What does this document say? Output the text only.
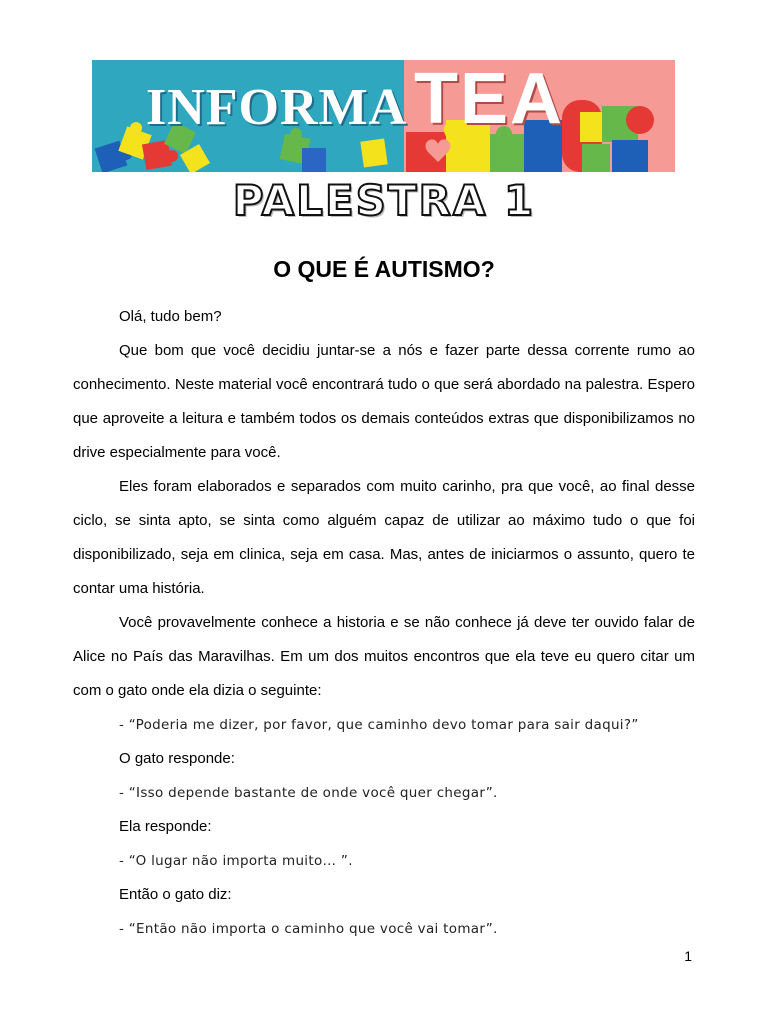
INFORMA TEA
PALESTRA 1
O QUE É AUTISMO?

Olá, tudo bem?

Que bom que você decidiu juntar-se a nós e fazer parte dessa corrente rumo ao conhecimento. Neste material você encontrará tudo o que será abordado na palestra. Espero que aproveite a leitura e também todos os demais conteúdos extras que disponibilizamos no drive especialmente para você.

Eles foram elaborados e separados com muito carinho, pra que você, ao final desse ciclo, se sinta apto, se sinta como alguém capaz de utilizar ao máximo tudo o que foi disponibilizado, seja em clinica, seja em casa. Mas, antes de iniciarmos o assunto, quero te contar uma história.

Você provavelmente conhece a historia e se não conhece já deve ter ouvido falar de Alice no País das Maravilhas. Em um dos muitos encontros que ela teve eu quero citar um com o gato onde ela dizia o seguinte:

- “Poderia me dizer, por favor, que caminho devo tomar para sair daqui?”

O gato responde:

- “Isso depende bastante de onde você quer chegar”.

Ela responde:

- “O lugar não importa muito… ”.

Então o gato diz:

- “Então não importa o caminho que você vai tomar”.

1
